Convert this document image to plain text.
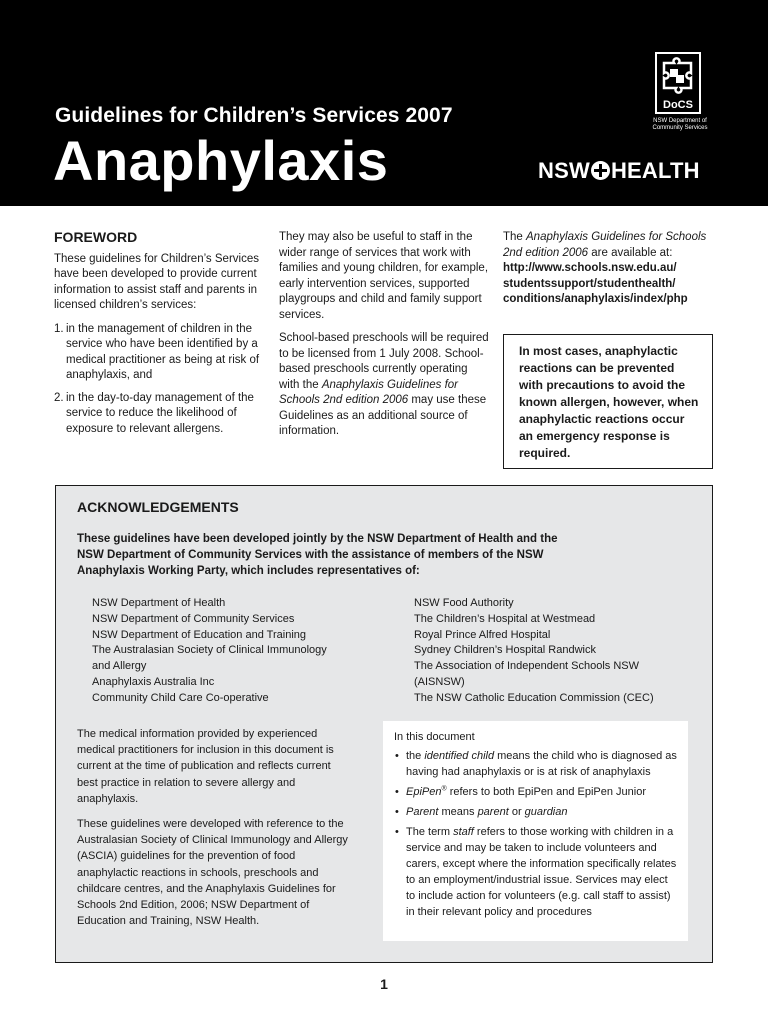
Guidelines for Children’s Services 2007
Anaphylaxis
DoCS
NSW Department of
Community Services
NSW HEALTH
FOREWORD

These guidelines for Children’s Services have been developed to provide current information to assist staff and parents in licensed children’s services:

1. in the management of children in the service who have been identified by a medical practitioner as being at risk of anaphylaxis, and
2. in the day-to-day management of the service to reduce the likelihood of exposure to relevant allergens.

They may also be useful to staff in the wider range of services that work with families and young children, for example, early intervention services, supported playgroups and child and family support services.

School-based preschools will be required to be licensed from 1 July 2008. School-based preschools currently operating with the Anaphylaxis Guidelines for Schools 2nd edition 2006 may use these Guidelines as an additional source of information.

The Anaphylaxis Guidelines for Schools 2nd edition 2006 are available at:
http://www.schools.nsw.edu.au/
studentssupport/studenthealth/
conditions/anaphylaxis/index/php

In most cases, anaphylactic reactions can be prevented with precautions to avoid the known allergen, however, when anaphylactic reactions occur an emergency response is required.
ACKNOWLEDGEMENTS
These guidelines have been developed jointly by the NSW Department of Health and the
NSW Department of Community Services with the assistance of members of the NSW
Anaphylaxis Working Party, which includes representatives of:
NSW Department of Health
NSW Department of Community Services
NSW Department of Education and Training
The Australasian Society of Clinical Immunology
and Allergy
Anaphylaxis Australia Inc
Community Child Care Co-operative
NSW Food Authority
The Children’s Hospital at Westmead
Royal Prince Alfred Hospital
Sydney Children’s Hospital Randwick
The Association of Independent Schools NSW
(AISNSW)
The NSW Catholic Education Commission (CEC)

The medical information provided by experienced medical practitioners for inclusion in this document is current at the time of publication and reflects current best practice in relation to severe allergy and anaphylaxis.

These guidelines were developed with reference to the Australasian Society of Clinical Immunology and Allergy (ASCIA) guidelines for the prevention of food anaphylactic reactions in schools, preschools and childcare centres, and the Anaphylaxis Guidelines for Schools 2nd Edition, 2006; NSW Department of Education and Training, NSW Health.

In this document
• the identified child means the child who is diagnosed as having had anaphylaxis or is at risk of anaphylaxis
• EpiPen® refers to both EpiPen and EpiPen Junior
• Parent means parent or guardian
• The term staff refers to those working with children in a service and may be taken to include volunteers and carers, except where the information specifically relates to an employment/industrial issue. Services may elect to include action for volunteers (e.g. call staff to assist) in their relevant policy and procedures
1
